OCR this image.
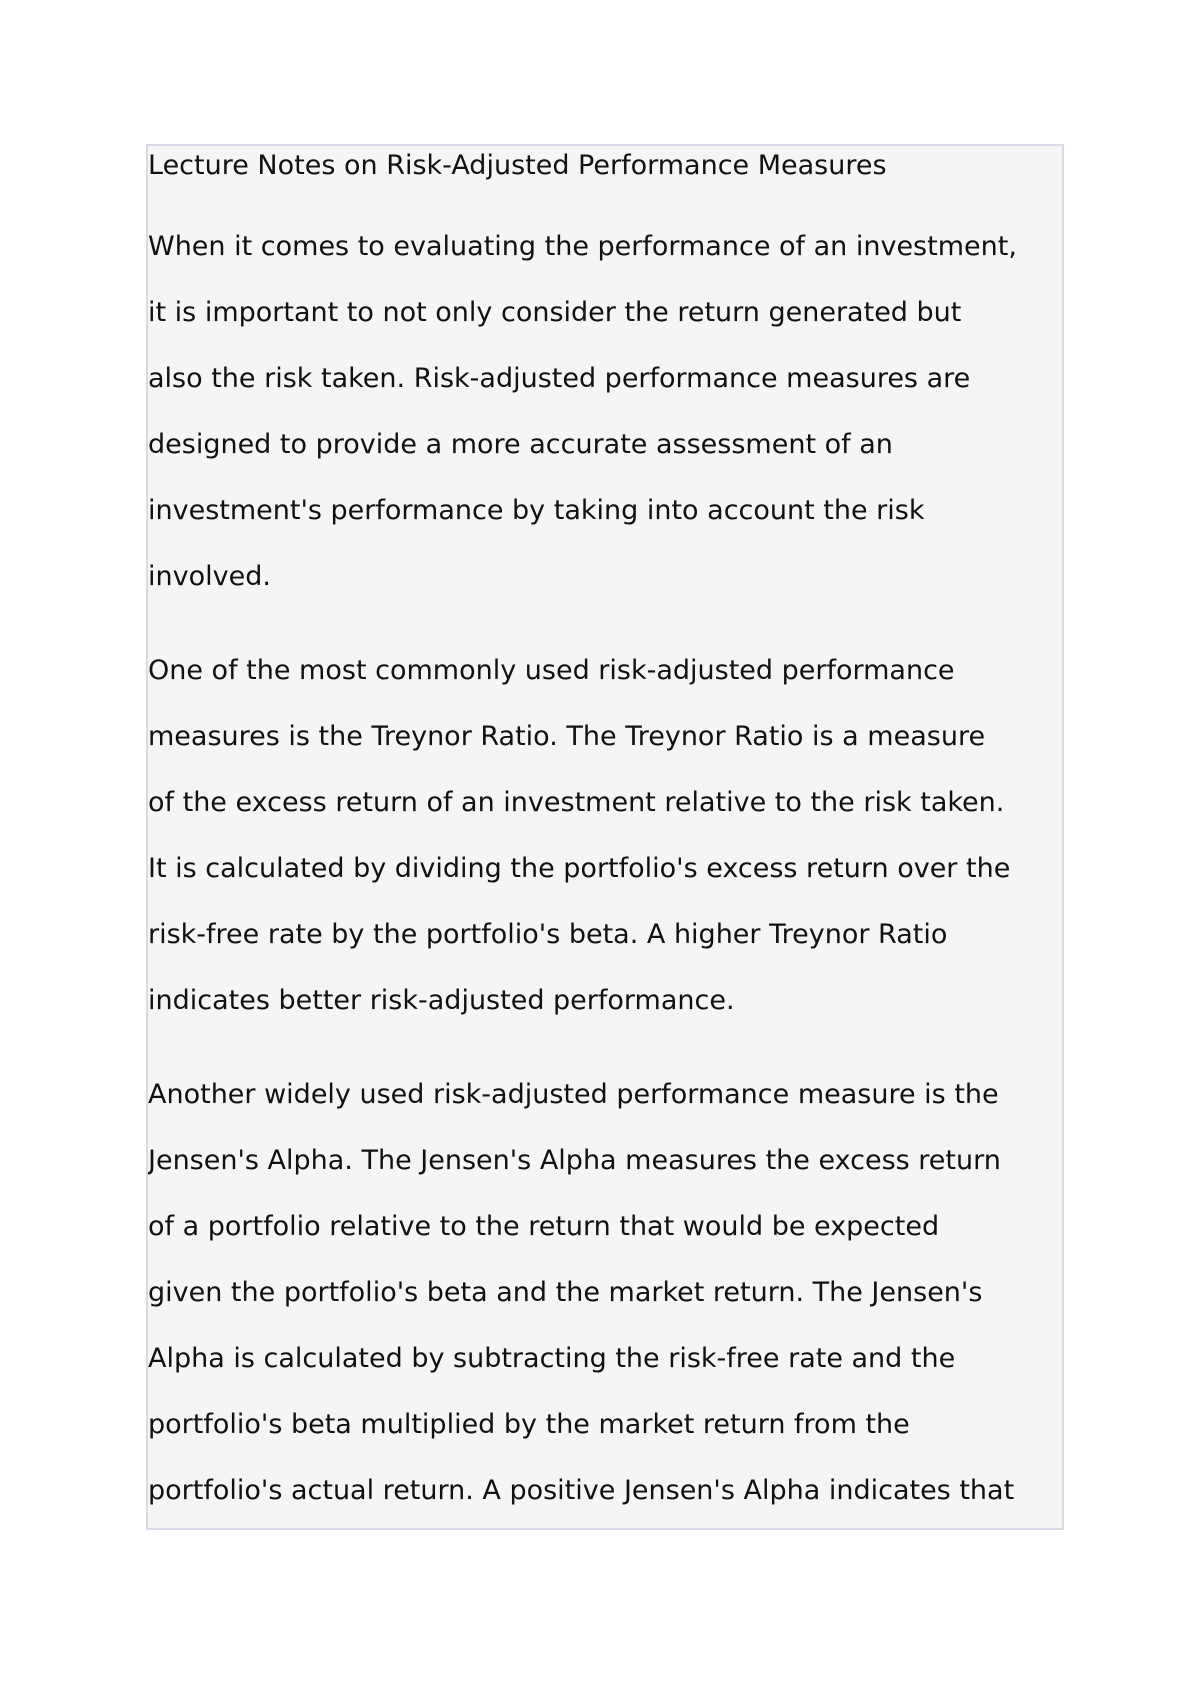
Lecture Notes on Risk-Adjusted Performance Measures

When it comes to evaluating the performance of an investment,
it is important to not only consider the return generated but
also the risk taken. Risk-adjusted performance measures are
designed to provide a more accurate assessment of an
investment's performance by taking into account the risk
involved.

One of the most commonly used risk-adjusted performance
measures is the Treynor Ratio. The Treynor Ratio is a measure
of the excess return of an investment relative to the risk taken.
It is calculated by dividing the portfolio's excess return over the
risk-free rate by the portfolio's beta. A higher Treynor Ratio
indicates better risk-adjusted performance.

Another widely used risk-adjusted performance measure is the
Jensen's Alpha. The Jensen's Alpha measures the excess return
of a portfolio relative to the return that would be expected
given the portfolio's beta and the market return. The Jensen's
Alpha is calculated by subtracting the risk-free rate and the
portfolio's beta multiplied by the market return from the
portfolio's actual return. A positive Jensen's Alpha indicates that
